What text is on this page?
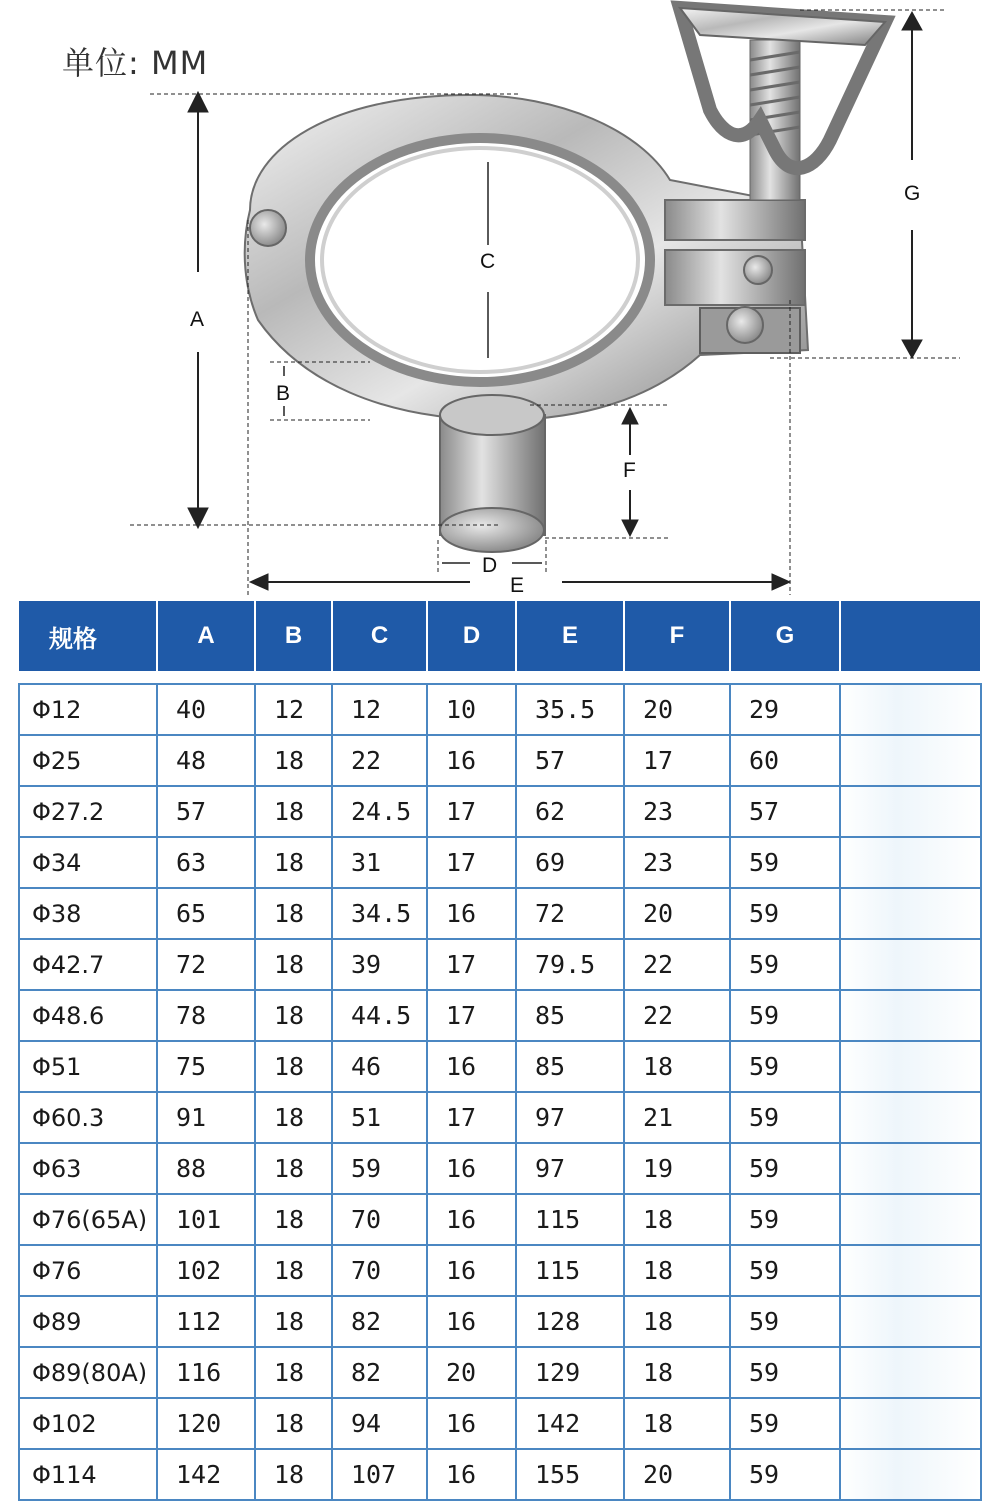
单位: MM
A
B
C
D
E
F
G
规格	A	B	C	D	E	F	G	

Φ12	40	12	12	10	35.5	20	29	
Φ25	48	18	22	16	57	17	60	
Φ27.2	57	18	24.5	17	62	23	57	
Φ34	63	18	31	17	69	23	59	
Φ38	65	18	34.5	16	72	20	59	
Φ42.7	72	18	39	17	79.5	22	59	
Φ48.6	78	18	44.5	17	85	22	59	
Φ51	75	18	46	16	85	18	59	
Φ60.3	91	18	51	17	97	21	59	
Φ63	88	18	59	16	97	19	59	
Φ76(65A)	101	18	70	16	115	18	59	
Φ76	102	18	70	16	115	18	59	
Φ89	112	18	82	16	128	18	59	
Φ89(80A)	116	18	82	20	129	18	59	
Φ102	120	18	94	16	142	18	59	
Φ114	142	18	107	16	155	20	59	
